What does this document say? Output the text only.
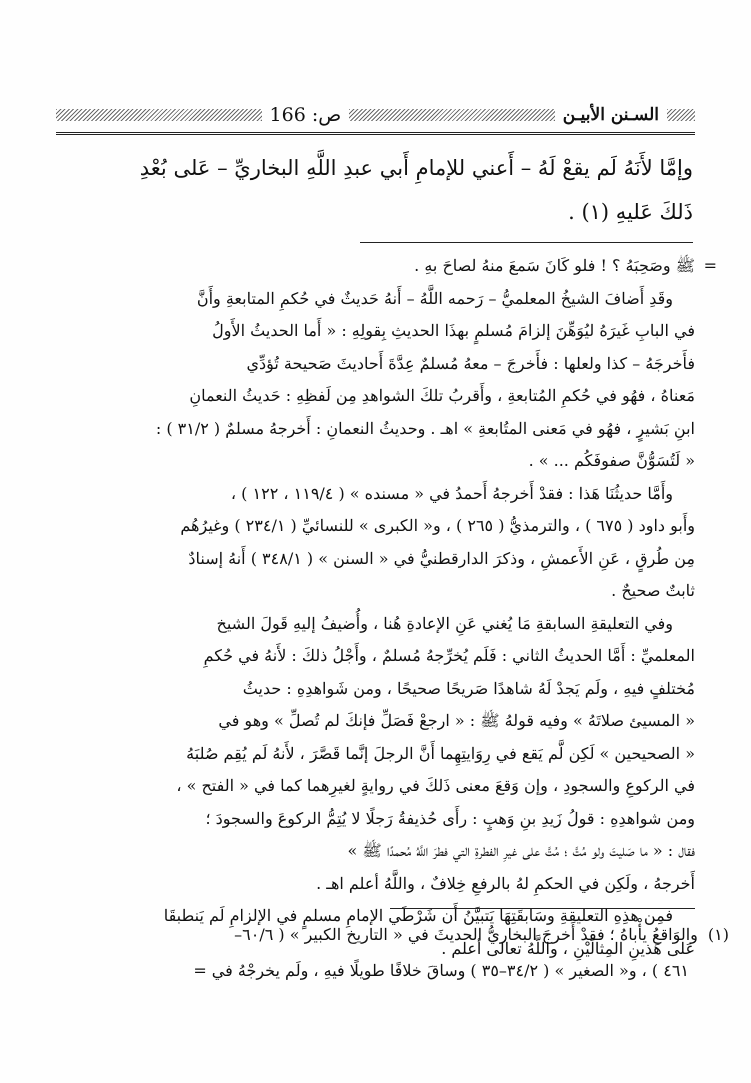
السـنن الأبيـن
ص: 166

وإمَّا لأَنَهُ لَم يقعْ لَهُ – أَعني للإمامِ أَبي عبدِ اللَّهِ البخاريِّ – عَلى بُعْدِ

ذَلكَ عَليهِ (١) .

=
ﷺ وصَحِبَهُ ؟ ! فلو كَانَ سَمعَ منهُ لصاحَ بهِ .

وقَدِ أَضافَ الشيخُ المعلميُّ – رَحمه اللَّهُ – أَنهُ حَديثٌ في حُكمِ المتابعةِ وأَنَّ

في البابِ غَيرَهُ ليُوَهِّنَ إلزامَ مُسلمٍ بهذَا الحديثِ بِقولِهِ : « أَما الحديثُ الأَولُ

فأَخرجَهُ – كذا ولعلها : فأَخرجَ – معهُ مُسلمٌ عِدَّةَ أَحاديثَ صَحيحة تُؤدِّي

مَعناهُ ، فهُو في حُكمِ المُتابعةِ ، وأَقربُ تلكَ الشواهدِ مِن لَفظِهِ : حَديثُ النعمانِ

ابنِ بَشيرٍ ، فهُو في مَعنى المتُابعةِ » اهـ . وحديثُ النعمانِ : أَخرجهُ مسلمٌ ( ٣١/٢ ) :

« لَتُسَوُّنَّ صفوفَكُم ... » .

وأَمَّا حديثُنَا هَذا : فقدْ أَخرجهُ أَحمدُ في « مسنده » ( ١١٩/٤ ، ١٢٢ ) ،

وأَبو داود ( ٦٧٥ ) ، والترمذيُّ ( ٢٦٥ ) ، و« الكبرى » للنسائيِّ ( ٢٣٤/١ ) وغيرُهُم

مِن طُرقٍ ، عَنِ الأَعمشِ ، وذكرَ الدارقطنيُّ في « السنن » ( ٣٤٨/١ ) أَنهُ إسنادٌ

ثابتٌ صحيحٌ .

وفي التعليقةِ السابقةِ مَا يُغني عَنِ الإعادةِ هُنا ، وأُضيفُ إليهِ قَولَ الشيخ

المعلميِّ : أَمَّا الحديثُ الثاني : فَلَم يُخرِّجهُ مُسلمٌ ، وأَجْلُ ذلكَ : لأَنهُ في حُكمِ

مُختلفٍ فيهِ ، ولَم يَجدْ لَهُ شاهدًا صَريحًا صحيحًا ، ومن شَواهدِهِ : حديثُ

« المسيئ صلاتَهُ » وفيه قولهُ ﷺ : « ارجعْ فَصَلِّ فإنكَ لم تُصلِّ » وهو في

« الصحيحين » لَكِن لَّم يَقع في رِوَايتِهِما أَنَّ الرجلَ إنَّما قَصَّرَ ، لأَنهُ لَم يُقِم صُلبَهُ

في الركوعِ والسجودِ ، وإن وَقعَ معنى ذَلكَ في روايةٍ لغيرِهما كما في « الفتح » ،

ومن شواهدِهِ : قولُ زَيدِ بنِ وَهبٍ : رأَى حُذيفةُ رَجلًا لا يُتِمُّ الركوعَ والسجودَ ؛

فقال : « ما صَليتَ ولو مُتَّ ؛ مُتَّ على غيرِ الفطرةِ التي فطرَ اللَّهُ مُحمدًا ﷺ »

أَخرجهُ ، ولَكِن في الحكمِ لهُ بالرفعِ خِلافٌ ، واللَّهُ أعلم اهـ .

فمِن هذِهِ التعليقةِ وسَابقَتِهَا يَتبيَّنُ أَن شَرْطَي الإمامِ مسلمٍ في الإلزامِ لَم يَنطبقَا

عَلى هَذينِ المِثالَيْنِ ، واللَّهُ تعالى أعلم .

(١)والوَاقعُ يأْباهُ ؛ فقدْ أَخرجَ البخاريُّ الحديثَ في « التاريخ الكبير » ( ٦٠/٦–

٤٦١ ) ، و« الصغير » ( ٣٤/٢–٣٥ ) وساقَ خلافًا طويلًا فيهِ ، ولَم يخرجْهُ في =
